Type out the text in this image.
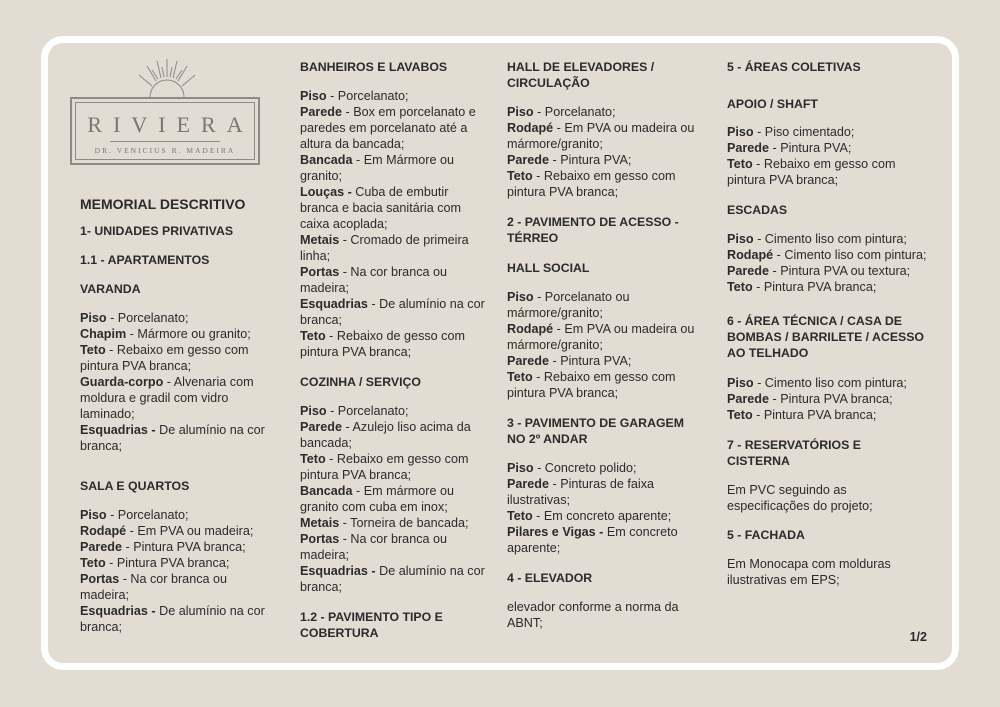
RIVIERA
DR. VENICIUS R. MADEIRA

MEMORIAL DESCRITIVO

1- UNIDADES PRIVATIVAS

1.1 - APARTAMENTOS

VARANDA

Piso - Porcelanato;

Chapim - Mármore ou granito;

Teto - Rebaixo em gesso com pintura PVA branca;

Guarda-corpo - Alvenaria com moldura e gradil com vidro laminado;

Esquadrias - De alumínio na cor branca;

SALA E QUARTOS

Piso - Porcelanato;

Rodapé - Em PVA ou madeira;

Parede - Pintura PVA branca;

Teto - Pintura PVA branca;

Portas - Na cor branca ou madeira;

Esquadrias - De alumínio na cor branca;

BANHEIROS E LAVABOS

Piso - Porcelanato;

Parede - Box em porcelanato e paredes em porcelanato até a altura da bancada;

Bancada - Em Mármore ou granito;

Louças - Cuba de embutir branca e bacia sanitária com caixa acoplada;

Metais - Cromado de primeira linha;

Portas - Na cor branca ou madeira;

Esquadrias - De alumínio na cor branca;

Teto - Rebaixo de gesso com pintura PVA branca;

COZINHA / SERVIÇO

Piso - Porcelanato;

Parede - Azulejo liso acima da bancada;

Teto - Rebaixo em gesso com pintura PVA branca;

Bancada - Em mármore ou granito com cuba em inox;

Metais - Torneira de bancada;

Portas - Na cor branca ou madeira;

Esquadrias - De alumínio na cor branca;

1.2 - PAVIMENTO TIPO E COBERTURA

HALL DE ELEVADORES / CIRCULAÇÃO

Piso - Porcelanato;

Rodapé - Em PVA ou madeira ou mármore/granito;

Parede - Pintura PVA;

Teto - Rebaixo em gesso com pintura PVA branca;

2 - PAVIMENTO DE ACESSO - TÉRREO

HALL SOCIAL

Piso - Porcelanato ou mármore/granito;

Rodapé - Em PVA ou madeira ou mármore/granito;

Parede - Pintura PVA;

Teto - Rebaixo em gesso com pintura PVA branca;

3 - PAVIMENTO DE GARAGEM NO 2º ANDAR

Piso - Concreto polido;

Parede - Pinturas de faixa ilustrativas;

Teto - Em concreto aparente;

Pilares e Vigas - Em concreto aparente;

4 - ELEVADOR

elevador conforme a norma da ABNT;

5 - ÁREAS COLETIVAS

APOIO / SHAFT

Piso - Piso cimentado;

Parede - Pintura PVA;

Teto - Rebaixo em gesso com pintura PVA branca;

ESCADAS

Piso - Cimento liso com pintura;

Rodapé - Cimento liso com pintura;

Parede - Pintura PVA ou textura;

Teto - Pintura PVA branca;

6 - ÁREA TÉCNICA / CASA DE BOMBAS / BARRILETE / ACESSO AO TELHADO

Piso - Cimento liso com pintura;

Parede - Pintura PVA branca;

Teto - Pintura PVA branca;

7 - RESERVATÓRIOS E CISTERNA

Em PVC seguindo as especificações do projeto;

5 - FACHADA

Em Monocapa com molduras ilustrativas em EPS;

1/2
